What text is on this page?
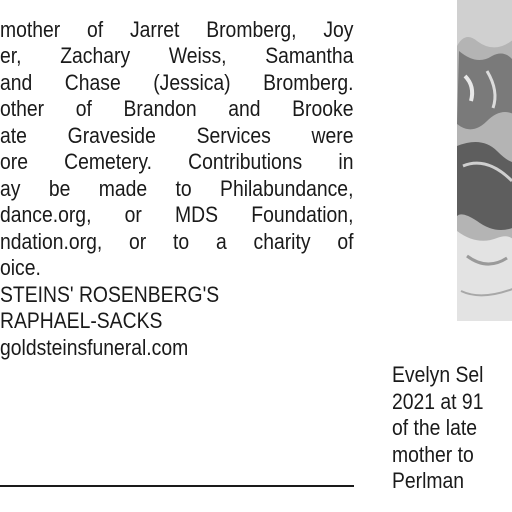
mother of Jarret Bromberg, Joy
er, Zachary Weiss, Samantha
and Chase (Jessica) Bromberg.
other of Brandon and Brooke
ate Graveside Services were
ore Cemetery. Contributions in
ay be made to Philabundance,
dance.org, or MDS Foundation,
ndation.org, or to a charity of
oice.
STEINS' ROSENBERG'S
RAPHAEL-SACKS
goldsteinsfuneral.com
Evelyn Sel
2021 at 91
of the late
mother to
Perlman
